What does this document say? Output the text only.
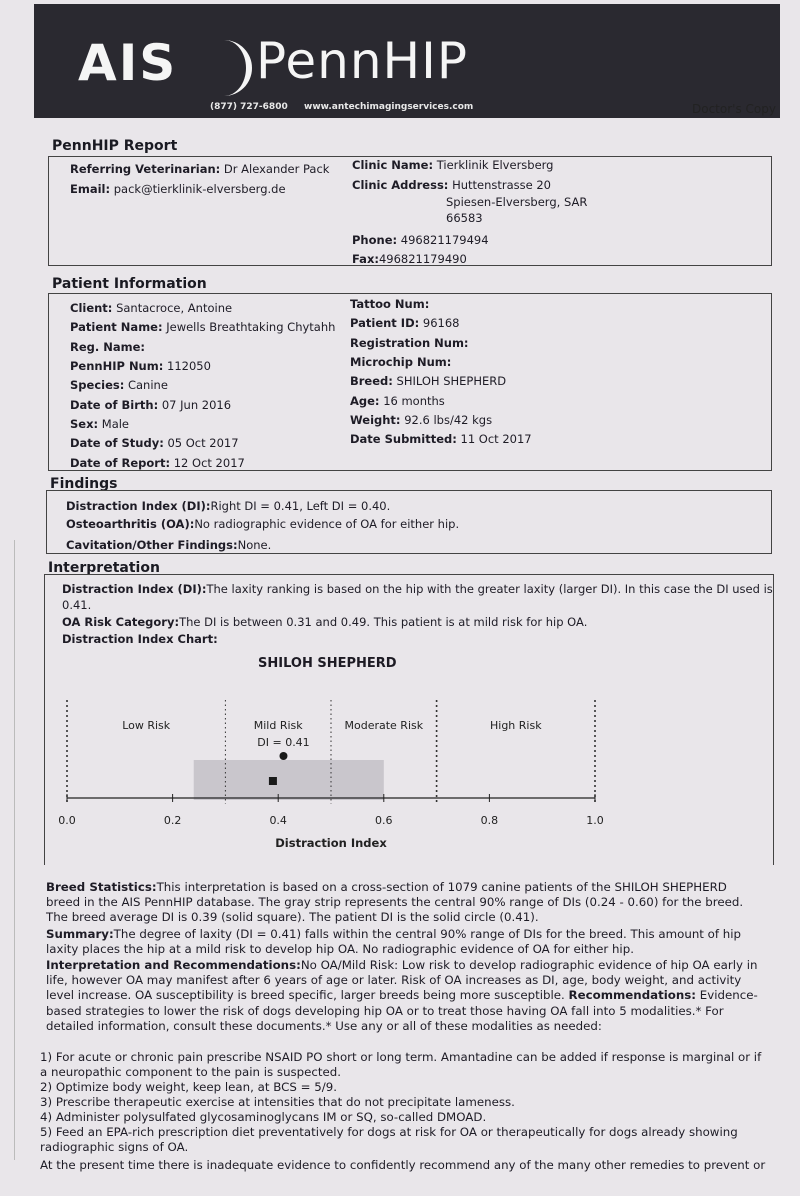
AIS PennHIP
(877) 727-6800 www.antechimagingservices.com	Doctor's Copy
PennHIP Report
Referring Veterinarian: Dr Alexander Pack
Email: pack@tierklinik-elversberg.de
Clinic Name: Tierklinik Elversberg
Clinic Address: Huttenstrasse 20
Spiesen-Elversberg, SAR
66583
Phone: 496821179494
Fax:496821179490
Patient Information
Client: Santacroce, Antoine
Patient Name: Jewells Breathtaking Chytahh
Reg. Name:
PennHIP Num: 112050
Species: Canine
Date of Birth: 07 Jun 2016
Sex: Male
Date of Study: 05 Oct 2017
Date of Report: 12 Oct 2017
Tattoo Num:
Patient ID: 96168
Registration Num:
Microchip Num:
Breed: SHILOH SHEPHERD
Age: 16 months
Weight: 92.6 lbs/42 kgs
Date Submitted: 11 Oct 2017
Findings
Distraction Index (DI):Right DI = 0.41, Left DI = 0.40.
Osteoarthritis (OA):No radiographic evidence of OA for either hip.
Cavitation/Other Findings:None.
Interpretation
Distraction Index (DI):The laxity ranking is based on the hip with the greater laxity (larger DI). In this case the DI used is
0.41.
OA Risk Category:The DI is between 0.31 and 0.49. This patient is at mild risk for hip OA.
Distraction Index Chart:
SHILOH SHEPHERD
Low Risk	Mild Risk	Moderate Risk	High Risk
0.0	0.2	0.4	0.6	0.8	1.0
Distraction Index
DI = 0.41
Breed Statistics:This interpretation is based on a cross-section of 1079 canine patients of the SHILOH SHEPHERD breed in the AIS PennHIP database. The gray strip represents the central 90% range of DIs (0.24 - 0.60) for the breed. The breed average DI is 0.39 (solid square). The patient DI is the solid circle (0.41).
Summary:The degree of laxity (DI = 0.41) falls within the central 90% range of DIs for the breed. This amount of hip laxity places the hip at a mild risk to develop hip OA. No radiographic evidence of OA for either hip.
Interpretation and Recommendations:No OA/Mild Risk: Low risk to develop radiographic evidence of hip OA early in life, however OA may manifest after 6 years of age or later. Risk of OA increases as DI, age, body weight, and activity level increase. OA susceptibility is breed specific, larger breeds being more susceptible. Recommendations: Evidence-based strategies to lower the risk of dogs developing hip OA or to treat those having OA fall into 5 modalities.* For detailed information, consult these documents.* Use any or all of these modalities as needed:
1) For acute or chronic pain prescribe NSAID PO short or long term. Amantadine can be added if response is marginal or if a neuropathic component to the pain is suspected.
2) Optimize body weight, keep lean, at BCS = 5/9.
3) Prescribe therapeutic exercise at intensities that do not precipitate lameness.
4) Administer polysulfated glycosaminoglycans IM or SQ, so-called DMOAD.
5) Feed an EPA-rich prescription diet preventatively for dogs at risk for OA or therapeutically for dogs already showing radiographic signs of OA.
At the present time there is inadequate evidence to confidently recommend any of the many other remedies to prevent or
